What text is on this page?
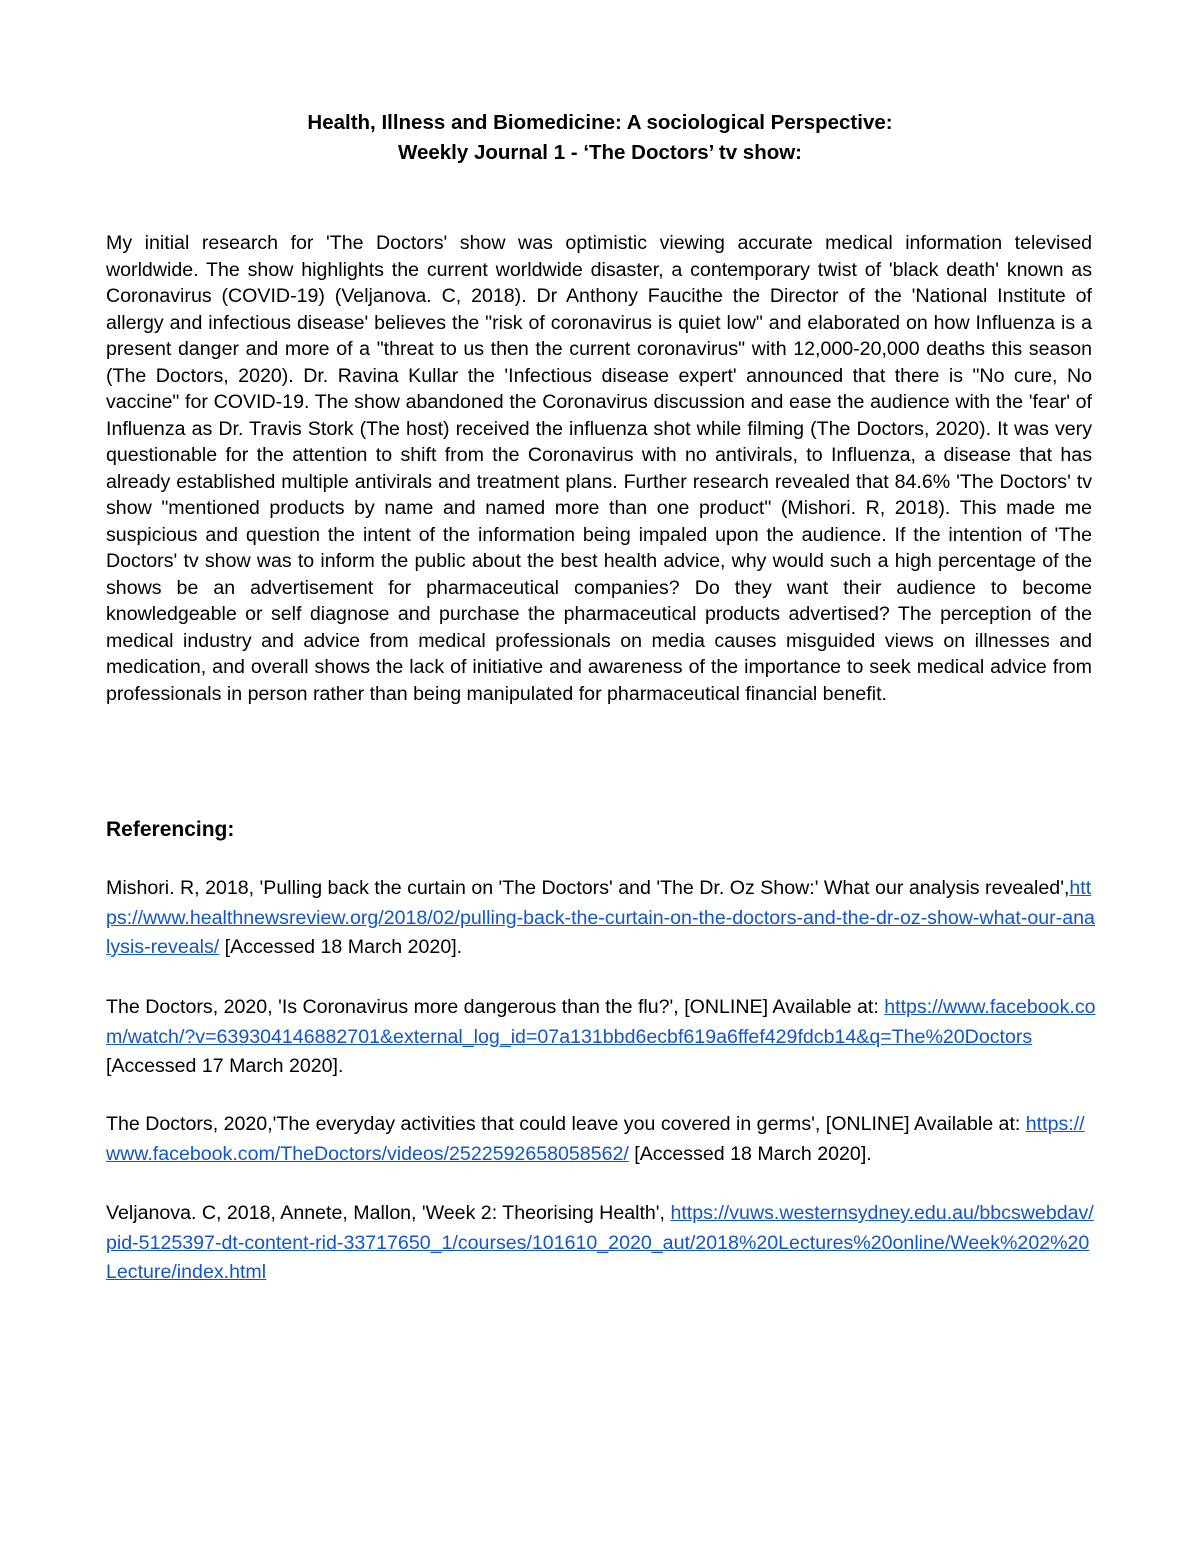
Health, Illness and Biomedicine: A sociological Perspective:
Weekly Journal 1 - ‘The Doctors’ tv show:

My initial research for 'The Doctors' show was optimistic viewing accurate medical information televised worldwide. The show highlights the current worldwide disaster, a contemporary twist of 'black death' known as Coronavirus (COVID-19) (Veljanova. C, 2018). Dr Anthony Faucithe the Director of the 'National Institute of allergy and infectious disease' believes the "risk of coronavirus is quiet low" and elaborated on how Influenza is a present danger and more of a "threat to us then the current coronavirus" with 12,000-20,000 deaths this season (The Doctors, 2020). Dr. Ravina Kullar the 'Infectious disease expert' announced that there is "No cure, No vaccine" for COVID-19. The show abandoned the Coronavirus discussion and ease the audience with the 'fear' of Influenza as Dr. Travis Stork (The host) received the influenza shot while filming (The Doctors, 2020). It was very questionable for the attention to shift from the Coronavirus with no antivirals, to Influenza, a disease that has already established multiple antivirals and treatment plans. Further research revealed that 84.6% 'The Doctors' tv show "mentioned products by name and named more than one product" (Mishori. R, 2018). This made me suspicious and question the intent of the information being impaled upon the audience. If the intention of 'The Doctors' tv show was to inform the public about the best health advice, why would such a high percentage of the shows be an advertisement for pharmaceutical companies? Do they want their audience to become knowledgeable or self diagnose and purchase the pharmaceutical products advertised? The perception of the medical industry and advice from medical professionals on media causes misguided views on illnesses and medication, and overall shows the lack of initiative and awareness of the importance to seek medical advice from professionals in person rather than being manipulated for pharmaceutical financial benefit.

Referencing:

Mishori. R, 2018, 'Pulling back the curtain on 'The Doctors' and 'The Dr. Oz Show:' What our analysis revealed',https://www.healthnewsreview.org/2018/02/pulling-back-the-curtain-on-the-doctors-and-the-dr-oz-show-what-our-analysis-reveals/ [Accessed 18 March 2020].

The Doctors, 2020, 'Is Coronavirus more dangerous than the flu?', [ONLINE] Available at: https://www.facebook.com/watch/?v=639304146882701&external_log_id=07a131bbd6ecbf619a6ffef429fdcb14&q=The%20Doctors [Accessed 17 March 2020].

The Doctors, 2020,'The everyday activities that could leave you covered in germs', [ONLINE] Available at: https://www.facebook.com/TheDoctors/videos/2522592658058562/ [Accessed 18 March 2020].

Veljanova. C, 2018, Annete, Mallon, 'Week 2: Theorising Health', https://vuws.westernsydney.edu.au/bbcswebdav/pid-5125397-dt-content-rid-33717650_1/courses/101610_2020_aut/2018%20Lectures%20online/Week%202%20Lecture/index.html
